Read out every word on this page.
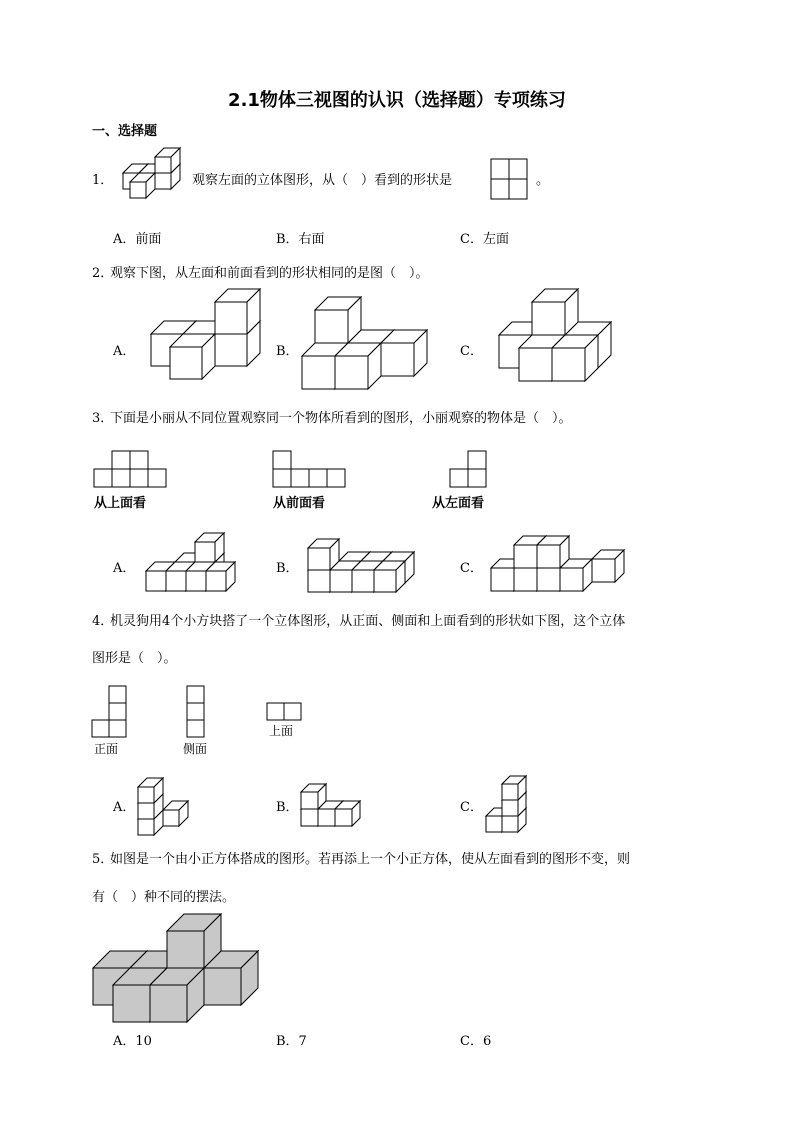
2.1物体三视图的认识（选择题）专项练习
一、选择题
1．	观察左面的立体图形，从（　）看到的形状是	。
A．前面	B．右面	C．左面
2．
观察下图，从左面和前面看到的形状相同的是图（　）。
A．	B．	C．
3．
下面是小丽从不同位置观察同一个物体所看到的图形，小丽观察的物体是（　）。
从上面看	从前面看	从左面看
A．	B．	C．
4．
机灵狗用4个小方块搭了一个立体图形，从正面、侧面和上面看到的形状如下图，这个立体
图形是（　）。
正面	侧面
上面
A．	B．	C．
5．
如图是一个由小正方体搭成的图形。若再添上一个小正方体，使从左面看到的图形不变，则
有（　）种不同的摆法。
A．10	B．7	C．6
